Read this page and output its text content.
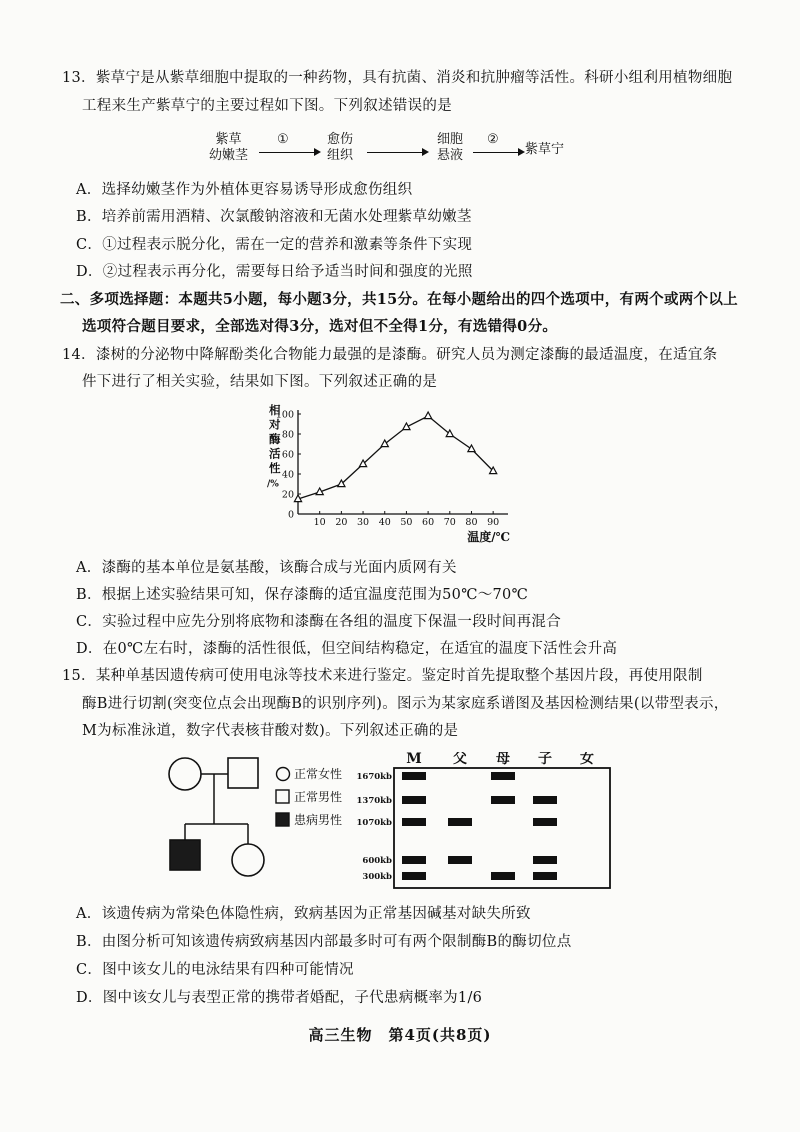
13．紫草宁是从紫草细胞中提取的一种药物，具有抗菌、消炎和抗肿瘤等活性。科研小组利用植物细胞
工程来生产紫草宁的主要过程如下图。下列叙述错误的是
紫草
幼嫩茎
①	愈伤
组织
细胞
悬液
②
紫草宁
A．选择幼嫩茎作为外植体更容易诱导形成愈伤组织
B．培养前需用酒精、次氯酸钠溶液和无菌水处理紫草幼嫩茎
C．①过程表示脱分化，需在一定的营养和激素等条件下实现
D．②过程表示再分化，需要每日给予适当时间和强度的光照
二、多项选择题：本题共5小题，每小题3分，共15分。在每小题给出的四个选项中，有两个或两个以上
选项符合题目要求，全部选对得3分，选对但不全得1分，有选错得0分。
14．漆树的分泌物中降解酚类化合物能力最强的是漆酶。研究人员为测定漆酶的最适温度，在适宜条
件下进行了相关实验，结果如下图。下列叙述正确的是
0
20
40
60
80
100
10 20 30 40 50 60 70 80 90
相对酶活性/%
温度/℃
A．漆酶的基本单位是氨基酸，该酶合成与光面内质网有关
B．根据上述实验结果可知，保存漆酶的适宜温度范围为50℃～70℃
C．实验过程中应先分别将底物和漆酶在各组的温度下保温一段时间再混合
D．在0℃左右时，漆酶的活性很低，但空间结构稳定，在适宜的温度下活性会升高
15．某种单基因遗传病可使用电泳等技术来进行鉴定。鉴定时首先提取整个基因片段，再使用限制
酶B进行切割(突变位点会出现酶B的识别序列)。图示为某家庭系谱图及基因检测结果(以带型表示，
M为标准泳道，数字代表核苷酸对数)。下列叙述正确的是
正常女性
正常男性
患病男性
M 父 母 子 女
1670kb
1370kb
1070kb
600kb
300kb
A．该遗传病为常染色体隐性病，致病基因为正常基因碱基对缺失所致
B．由图分析可知该遗传病致病基因内部最多时可有两个限制酶B的酶切位点
C．图中该女儿的电泳结果有四种可能情况
D．图中该女儿与表型正常的携带者婚配，子代患病概率为1/6
高三生物　第4页(共8页)
